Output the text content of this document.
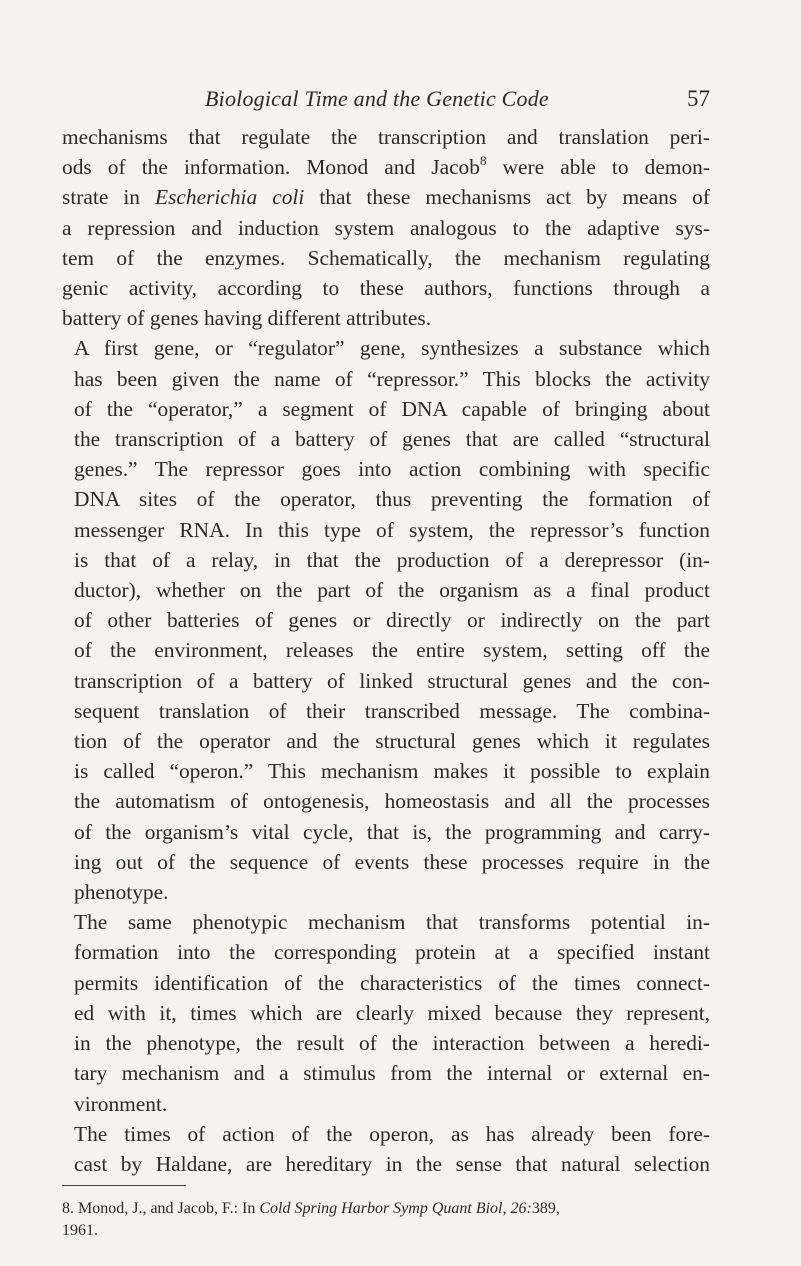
Biological Time and the Genetic Code	57

mechanisms that regulate the transcription and translation peri-
ods of the information. Monod and Jacob$^8$ were able to demon-
strate in Escherichia coli that these mechanisms act by means of
a repression and induction system analogous to the adaptive sys-
tem of the enzymes. Schematically, the mechanism regulating
genic activity, according to these authors, functions through a
battery of genes having different attributes.

A first gene, or “regulator” gene, synthesizes a substance which
has been given the name of “repressor.” This blocks the activity
of the “operator,” a segment of DNA capable of bringing about
the transcription of a battery of genes that are called “structural
genes.” The repressor goes into action combining with specific
DNA sites of the operator, thus preventing the formation of
messenger RNA. In this type of system, the repressor’s function
is that of a relay, in that the production of a derepressor (in-
ductor), whether on the part of the organism as a final product
of other batteries of genes or directly or indirectly on the part
of the environment, releases the entire system, setting off the
transcription of a battery of linked structural genes and the con-
sequent translation of their transcribed message. The combina-
tion of the operator and the structural genes which it regulates
is called “operon.” This mechanism makes it possible to explain
the automatism of ontogenesis, homeostasis and all the processes
of the organism’s vital cycle, that is, the programming and carry-
ing out of the sequence of events these processes require in the
phenotype.

The same phenotypic mechanism that transforms potential in-
formation into the corresponding protein at a specified instant
permits identification of the characteristics of the times connect-
ed with it, times which are clearly mixed because they represent,
in the phenotype, the result of the interaction between a heredi-
tary mechanism and a stimulus from the internal or external en-
vironment.

The times of action of the operon, as has already been fore-
cast by Haldane, are hereditary in the sense that natural selection

8. Monod, J., and Jacob, F.: In Cold Spring Harbor Symp Quant Biol, 26:389,
1961.
